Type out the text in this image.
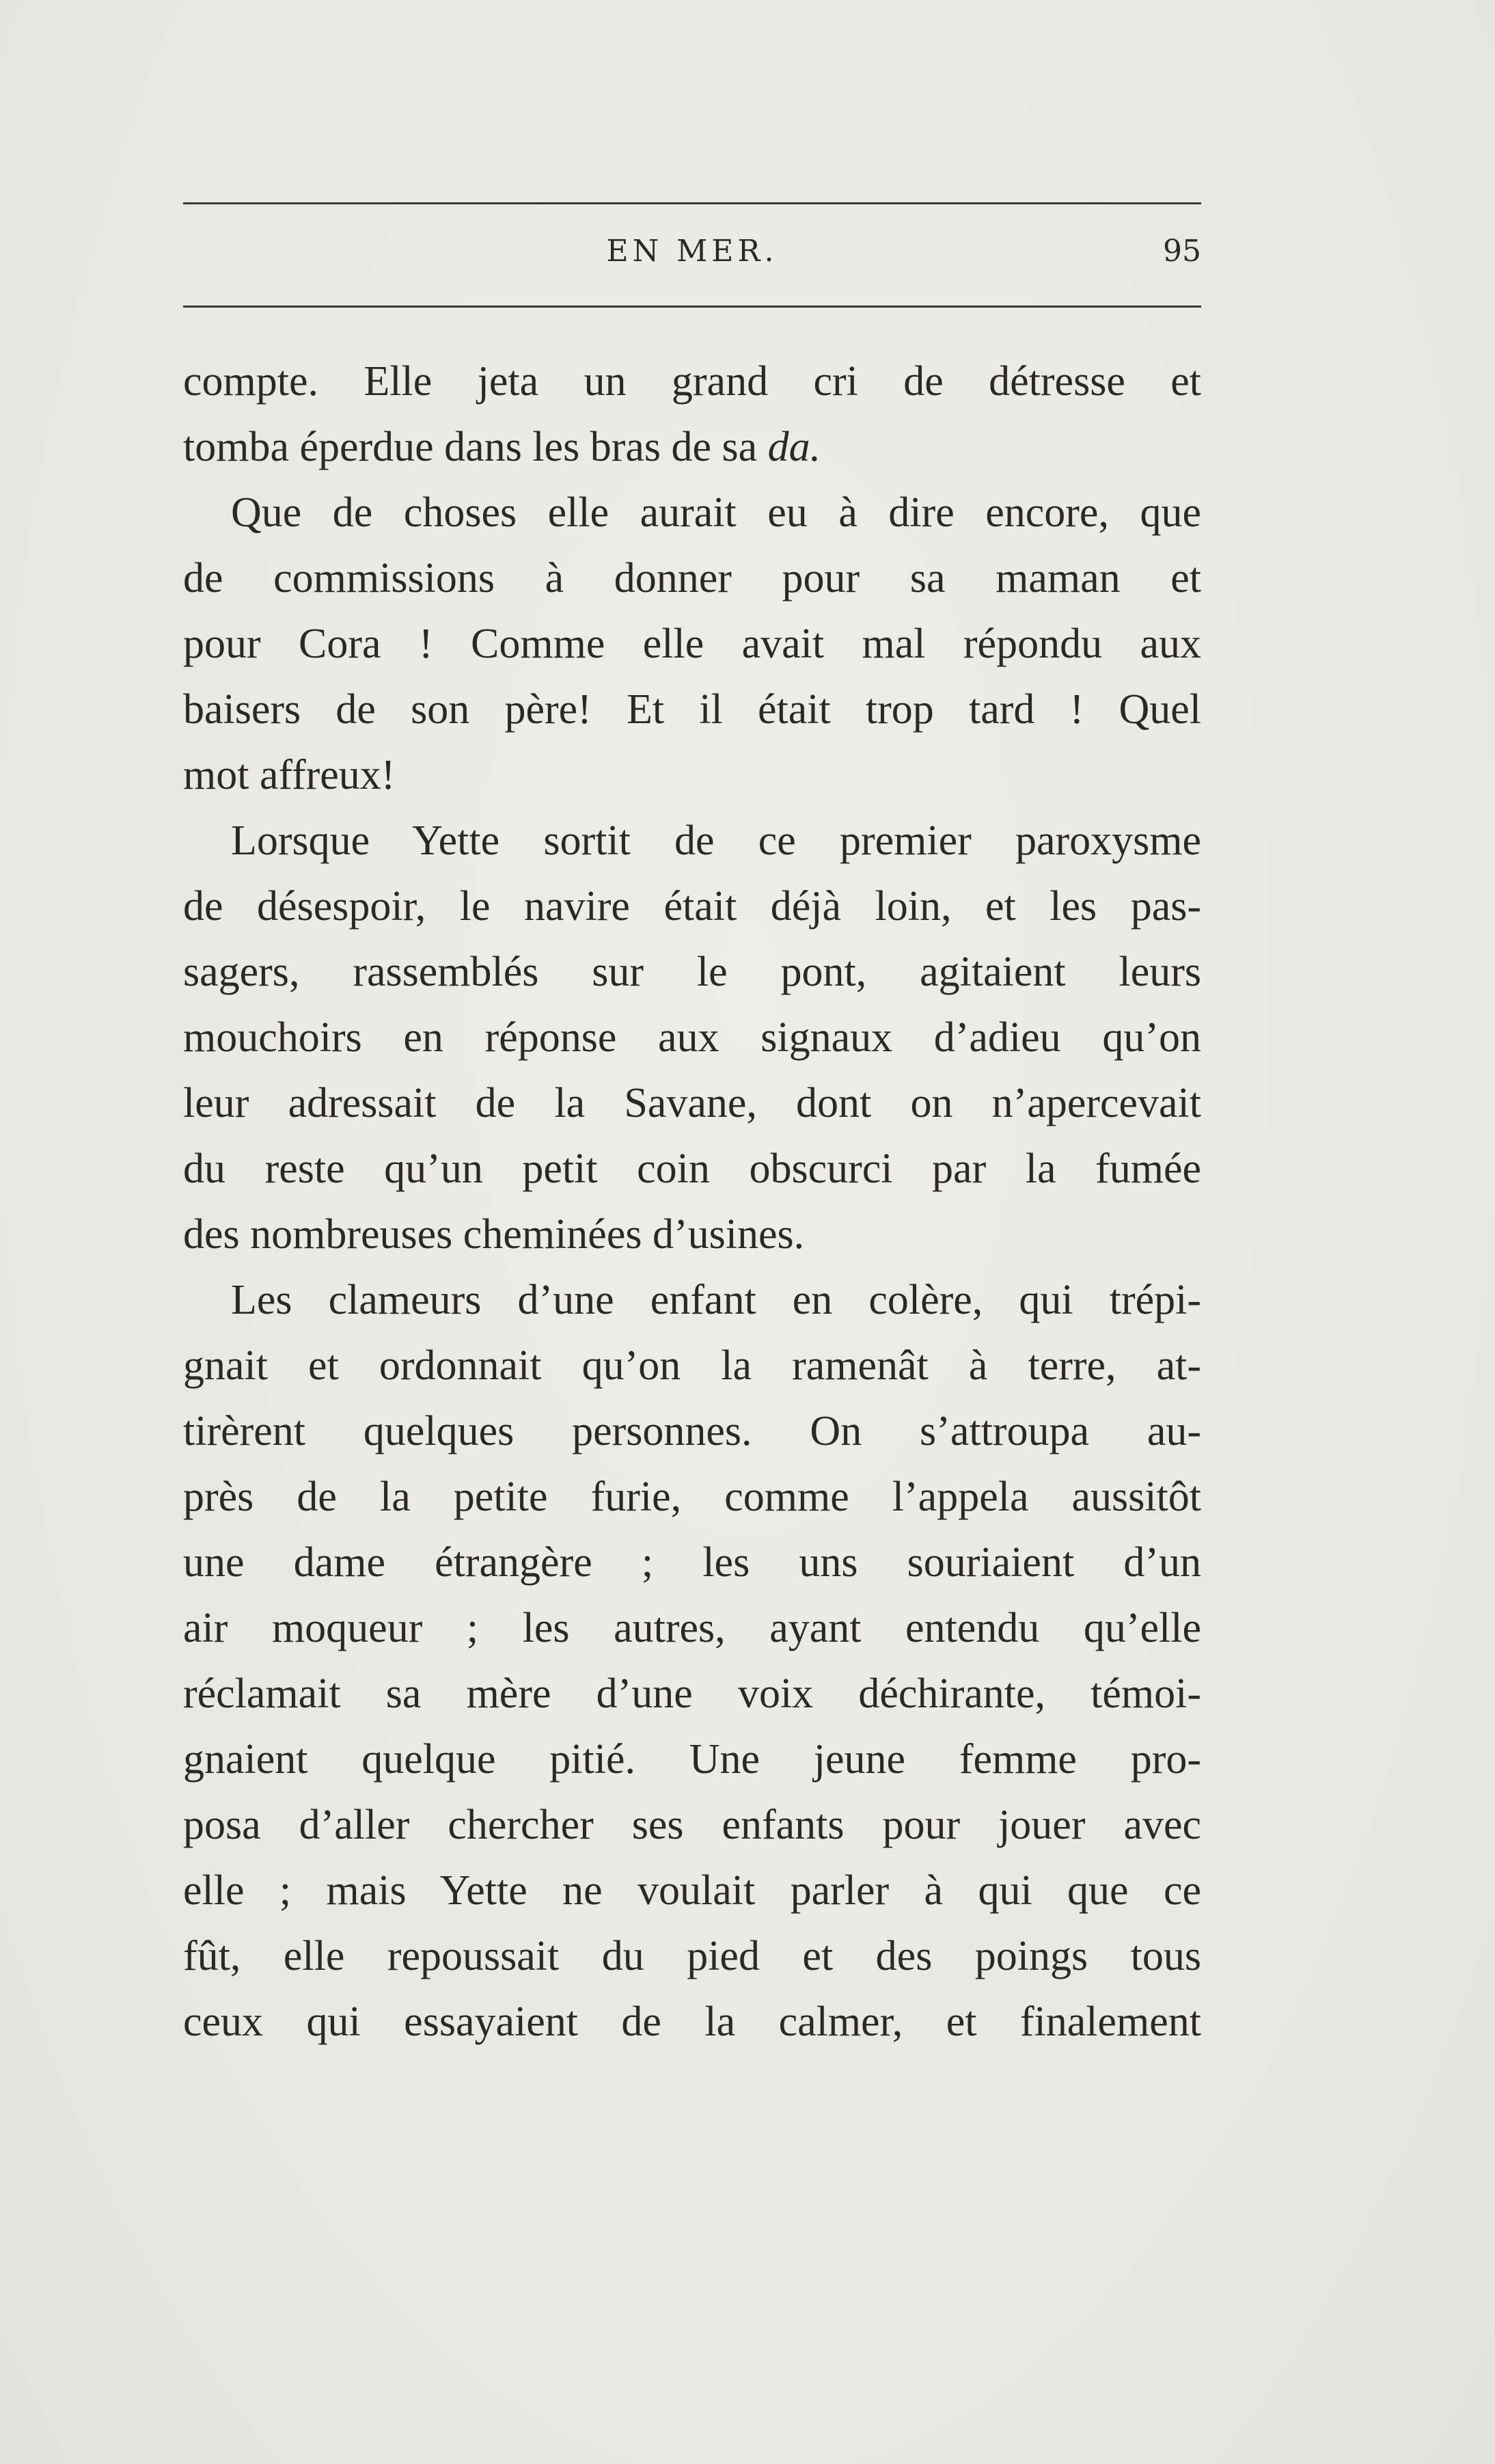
EN MER.	95
compte. Elle jeta un grand cri de détresse et
tomba éperdue dans les bras de sa da.
Que de choses elle aurait eu à dire encore, que
de commissions à donner pour sa maman et
pour Cora ! Comme elle avait mal répondu aux
baisers de son père! Et il était trop tard ! Quel
mot affreux!
Lorsque Yette sortit de ce premier paroxysme
de désespoir, le navire était déjà loin, et les pas-
sagers, rassemblés sur le pont, agitaient leurs
mouchoirs en réponse aux signaux d’adieu qu’on
leur adressait de la Savane, dont on n’apercevait
du reste qu’un petit coin obscurci par la fumée
des nombreuses cheminées d’usines.
Les clameurs d’une enfant en colère, qui trépi-
gnait et ordonnait qu’on la ramenât à terre, at-
tirèrent quelques personnes. On s’attroupa au-
près de la petite furie, comme l’appela aussitôt
une dame étrangère ; les uns souriaient d’un
air moqueur ; les autres, ayant entendu qu’elle
réclamait sa mère d’une voix déchirante, témoi-
gnaient quelque pitié. Une jeune femme pro-
posa d’aller chercher ses enfants pour jouer avec
elle ; mais Yette ne voulait parler à qui que ce
fût, elle repoussait du pied et des poings tous
ceux qui essayaient de la calmer, et finalement
